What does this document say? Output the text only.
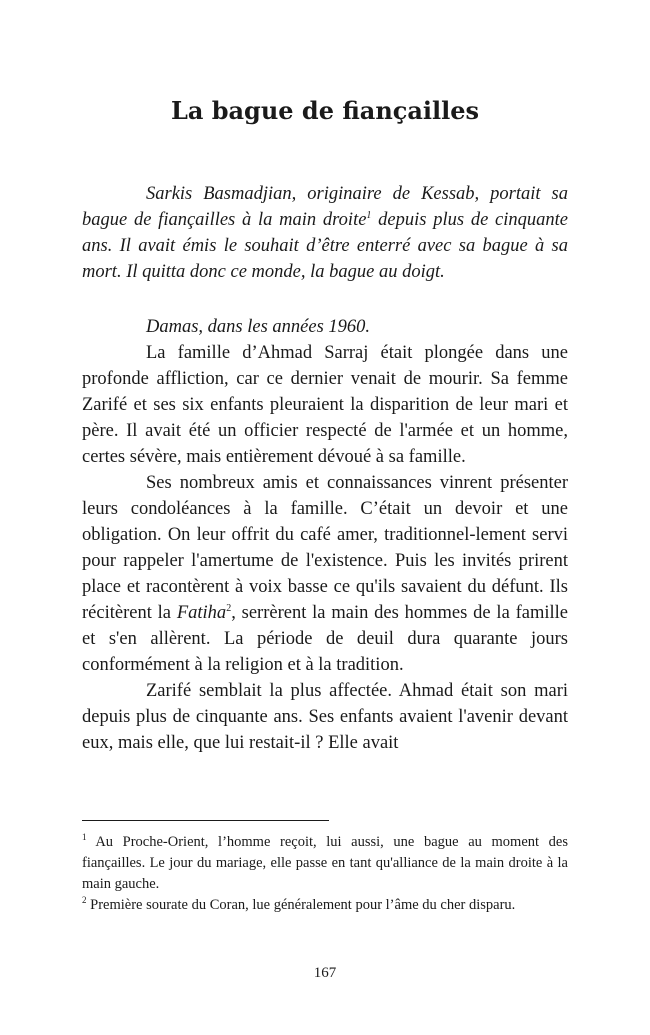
La bague de fiançailles

Sarkis Basmadjian, originaire de Kessab, portait sa bague de fiançailles à la main droite$^1$ depuis plus de cinquante ans. Il avait émis le souhait d’être enterré avec sa bague à sa mort. Il quitta donc ce monde, la bague au doigt.

Damas, dans les années 1960.

La famille d’Ahmad Sarraj était plongée dans une profonde affliction, car ce dernier venait de mourir. Sa femme Zarifé et ses six enfants pleuraient la disparition de leur mari et père. Il avait été un officier respecté de l'armée et un homme, certes sévère, mais entièrement dévoué à sa famille.

Ses nombreux amis et connaissances vinrent présenter leurs condoléances à la famille. C’était un devoir et une obligation. On leur offrit du café amer, traditionnel-lement servi pour rappeler l'amertume de l'existence. Puis les invités prirent place et racontèrent à voix basse ce qu'ils savaient du défunt. Ils récitèrent la Fatiha$^2$, serrèrent la main des hommes de la famille et s'en allèrent. La période de deuil dura quarante jours conformément à la religion et à la tradition.

Zarifé semblait la plus affectée. Ahmad était son mari depuis plus de cinquante ans. Ses enfants avaient l'avenir devant eux, mais elle, que lui restait-il ? Elle avait

$^1$ Au Proche-Orient, l’homme reçoit, lui aussi, une bague au moment des fiançailles. Le jour du mariage, elle passe en tant qu'alliance de la main droite à la main gauche.

$^2$ Première sourate du Coran, lue généralement pour l’âme du cher disparu.

167
